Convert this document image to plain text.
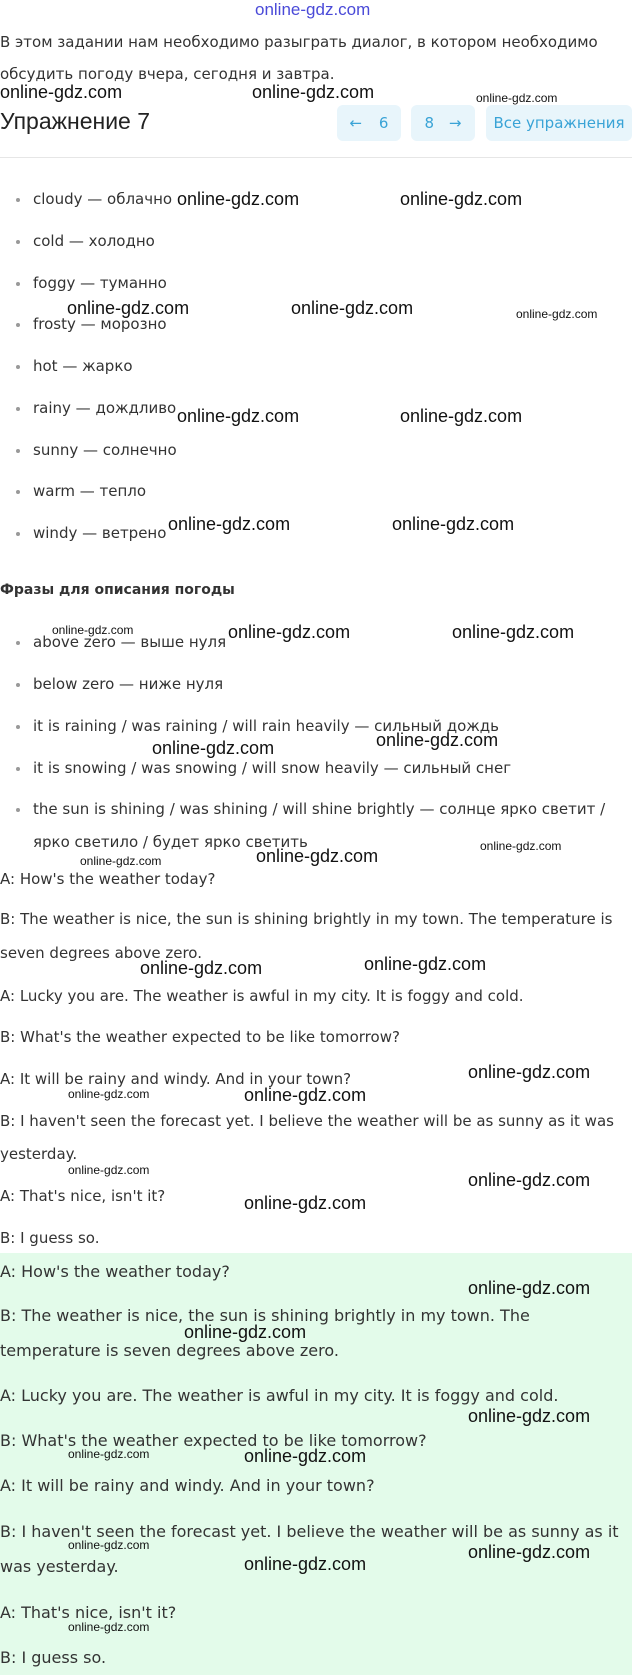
online-gdz.com
В этом задании нам необходимо разыграть диалог, в котором необходимо
обсудить погоду вчера, сегодня и завтра.
Упражнение 7	← 6	8 →	Все упражнения
cloudy — облачно
cold — холодно
foggy — туманно
frosty — морозно
hot — жарко
rainy — дождливо
sunny — солнечно
warm — тепло
windy — ветрено
Фразы для описания погоды
above zero — выше нуля
below zero — ниже нуля
it is raining / was raining / will rain heavily — сильный дождь
it is snowing / was snowing / will snow heavily — сильный снег
the sun is shining / was shining / will shine brightly — солнце ярко светит /
ярко светило / будет ярко светить
A: How's the weather today?
B: The weather is nice, the sun is shining brightly in my town. The temperature is
seven degrees above zero.
A: Lucky you are. The weather is awful in my city. It is foggy and cold.
B: What's the weather expected to be like tomorrow?
A: It will be rainy and windy. And in your town?
B: I haven't seen the forecast yet. I believe the weather will be as sunny as it was
yesterday.
A: That's nice, isn't it?
B: I guess so.
A: How's the weather today?
B: The weather is nice, the sun is shining brightly in my town. The
temperature is seven degrees above zero.
A: Lucky you are. The weather is awful in my city. It is foggy and cold.
B: What's the weather expected to be like tomorrow?
A: It will be rainy and windy. And in your town?
B: I haven't seen the forecast yet. I believe the weather will be as sunny as it
was yesterday.
A: That's nice, isn't it?
B: I guess so.
online-gdz.com	online-gdz.com	online-gdz.com
online-gdz.com	online-gdz.com
online-gdz.com	online-gdz.com	online-gdz.com
online-gdz.com	online-gdz.com
online-gdz.com	online-gdz.com
online-gdz.com	online-gdz.com	online-gdz.com
online-gdz.com	online-gdz.com
online-gdz.com	online-gdz.com	online-gdz.com
online-gdz.com	online-gdz.com
online-gdz.com
online-gdz.com	online-gdz.com
online-gdz.com	online-gdz.com
online-gdz.com
online-gdz.com
online-gdz.com
online-gdz.com
online-gdz.com	online-gdz.com
online-gdz.com	online-gdz.com
online-gdz.com
online-gdz.com
